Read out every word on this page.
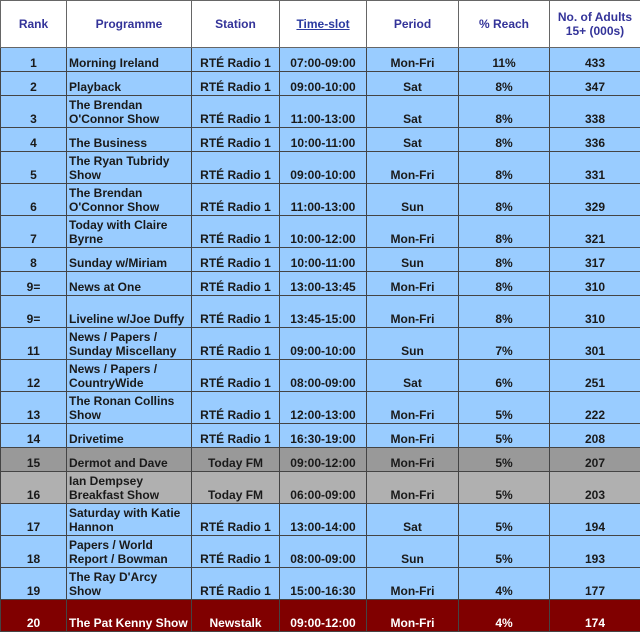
Rank	Programme	Station	Time-slot	Period	% Reach	No. of Adults 15+ (000s)
1	Morning Ireland	RTÉ Radio 1	07:00-09:00	Mon-Fri	11%	433
2	Playback	RTÉ Radio 1	09:00-10:00	Sat	8%	347
3	The Brendan O'Connor Show	RTÉ Radio 1	11:00-13:00	Sat	8%	338
4	The Business	RTÉ Radio 1	10:00-11:00	Sat	8%	336
5	The Ryan Tubridy Show	RTÉ Radio 1	09:00-10:00	Mon-Fri	8%	331
6	The Brendan O'Connor Show	RTÉ Radio 1	11:00-13:00	Sun	8%	329
7	Today with Claire Byrne	RTÉ Radio 1	10:00-12:00	Mon-Fri	8%	321
8	Sunday w/Miriam	RTÉ Radio 1	10:00-11:00	Sun	8%	317
9=	News at One	RTÉ Radio 1	13:00-13:45	Mon-Fri	8%	310
9=	Liveline w/Joe Duffy	RTÉ Radio 1	13:45-15:00	Mon-Fri	8%	310
11	News / Papers / Sunday Miscellany	RTÉ Radio 1	09:00-10:00	Sun	7%	301
12	News / Papers / CountryWide	RTÉ Radio 1	08:00-09:00	Sat	6%	251
13	The Ronan Collins Show	RTÉ Radio 1	12:00-13:00	Mon-Fri	5%	222
14	Drivetime	RTÉ Radio 1	16:30-19:00	Mon-Fri	5%	208
15	Dermot and Dave	Today FM	09:00-12:00	Mon-Fri	5%	207
16	Ian Dempsey Breakfast Show	Today FM	06:00-09:00	Mon-Fri	5%	203
17	Saturday with Katie Hannon	RTÉ Radio 1	13:00-14:00	Sat	5%	194
18	Papers / World Report / Bowman	RTÉ Radio 1	08:00-09:00	Sun	5%	193
19	The Ray D'Arcy Show	RTÉ Radio 1	15:00-16:30	Mon-Fri	4%	177
20	The Pat Kenny Show	Newstalk	09:00-12:00	Mon-Fri	4%	174
